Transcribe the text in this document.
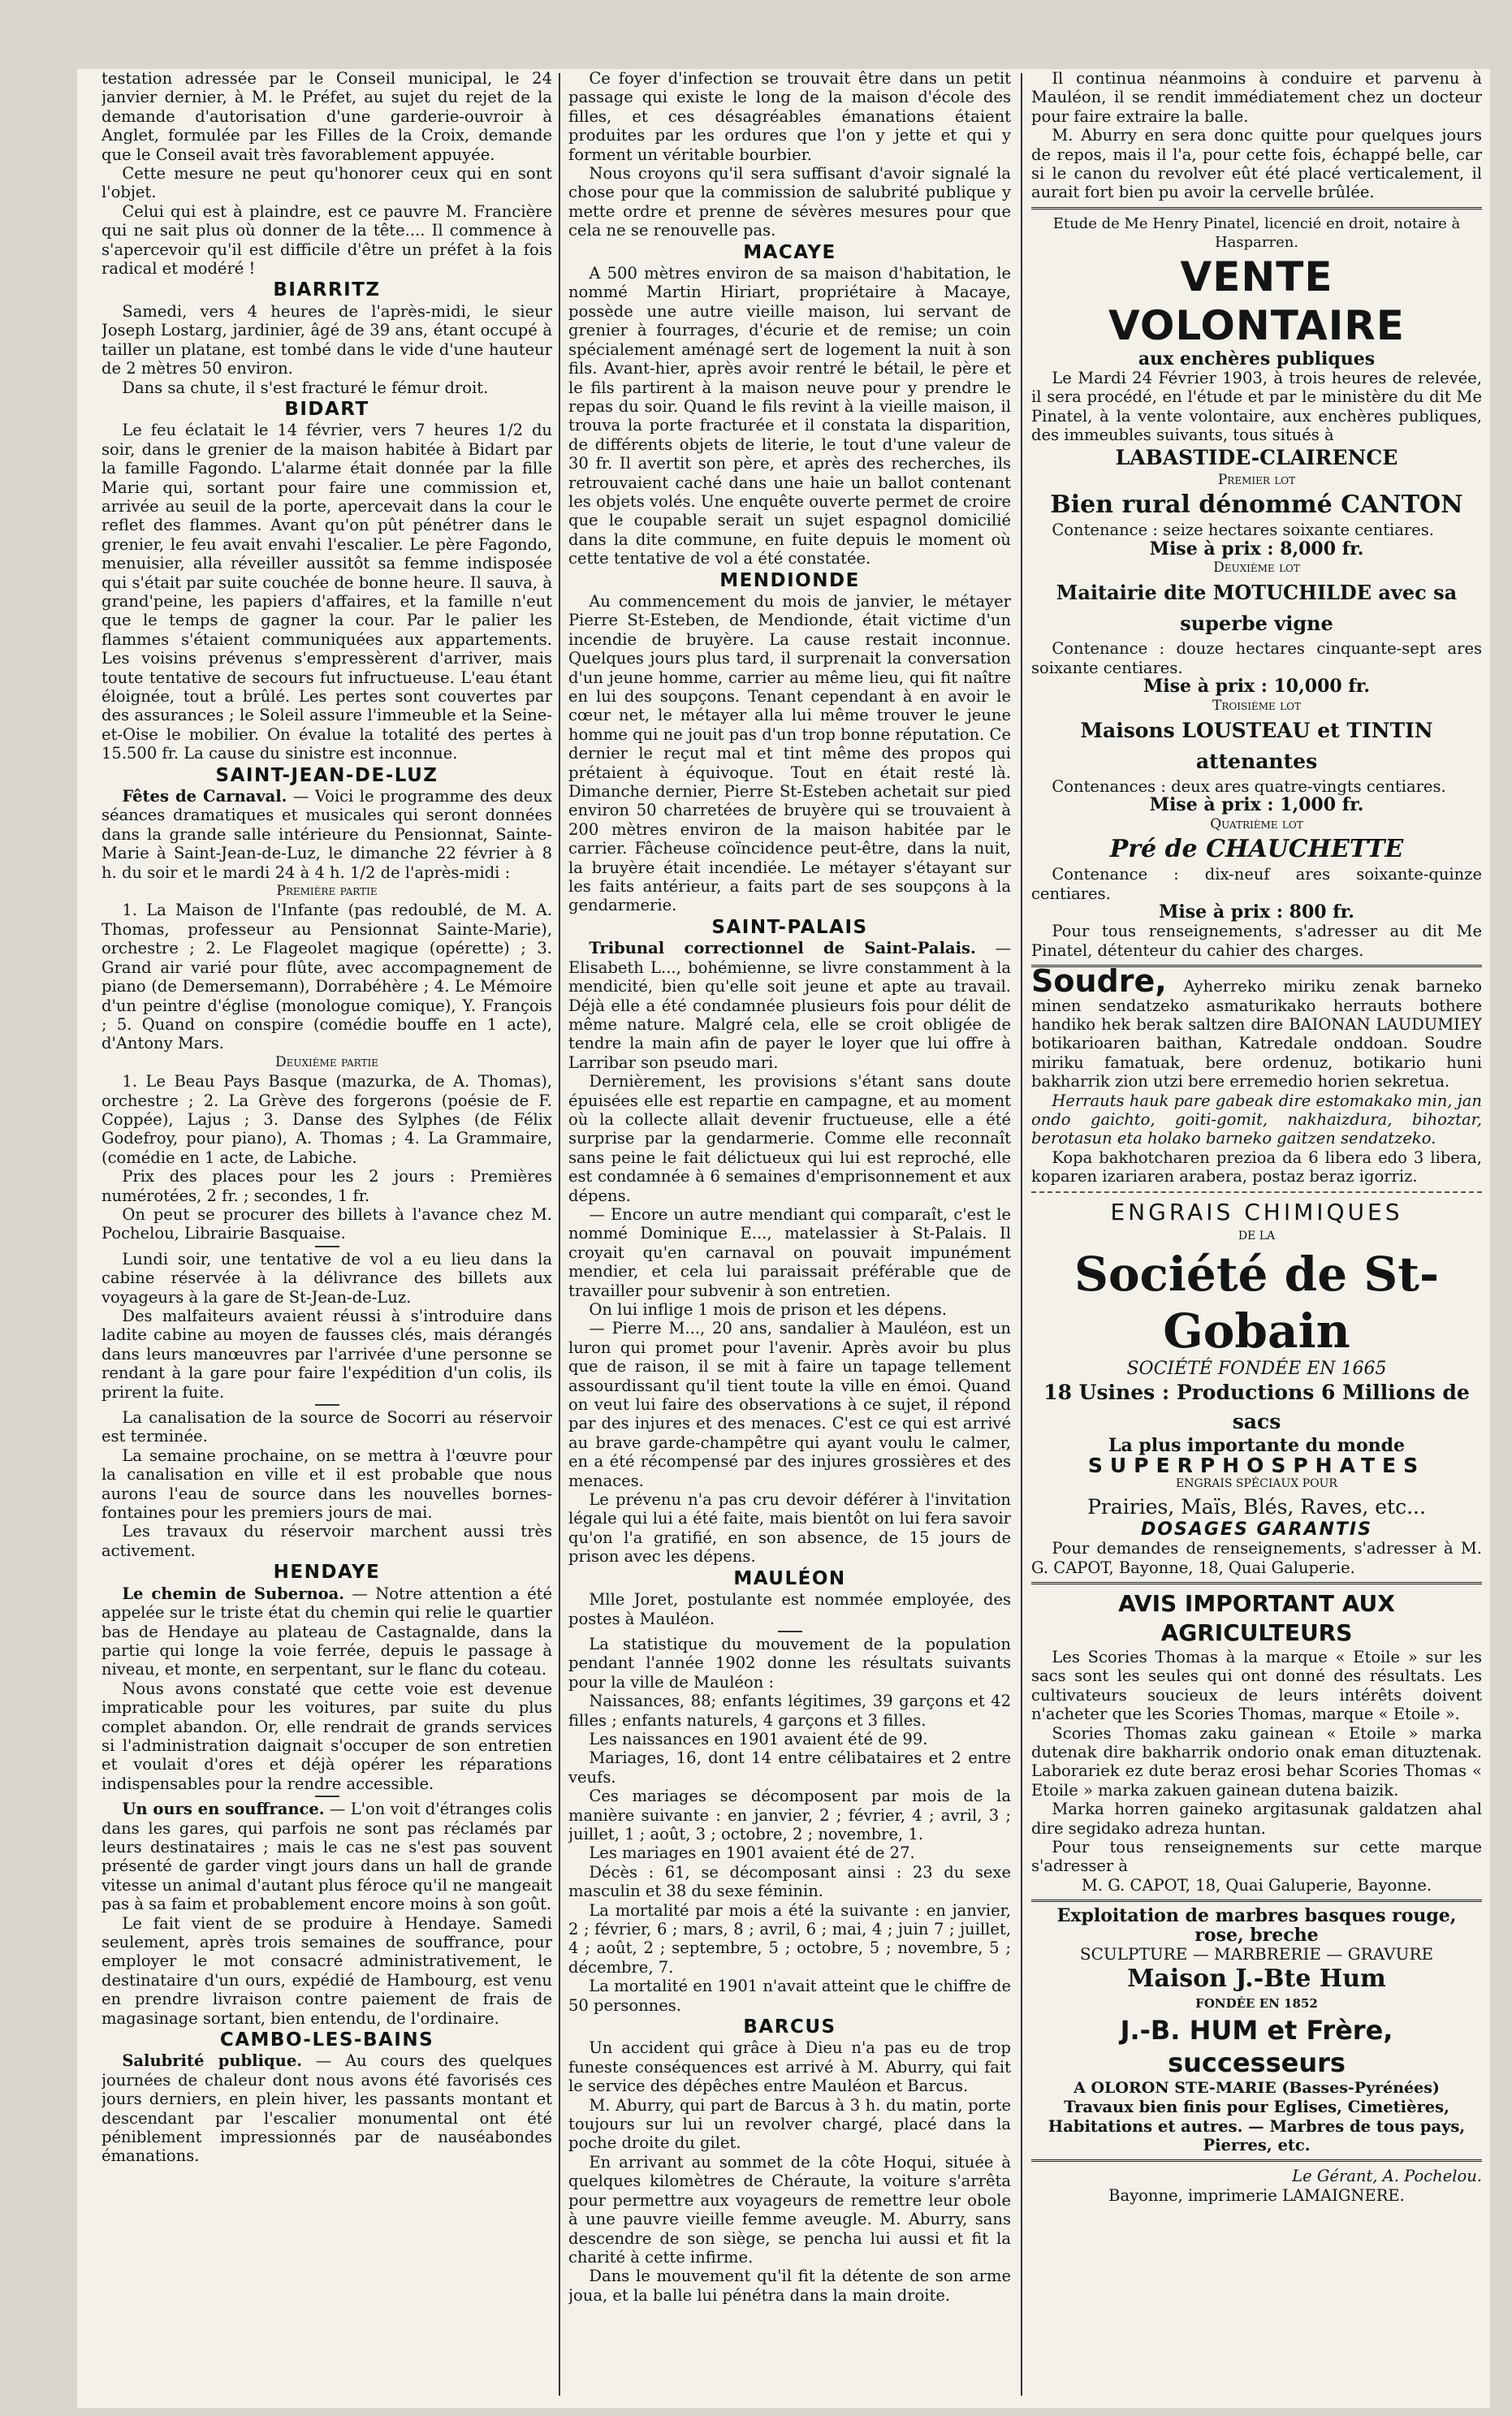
testation adressée par le Conseil municipal, le 24 janvier dernier, à M. le Préfet, au sujet du rejet de la demande d'autorisation d'une garderie-ouvroir à Anglet, formulée par les Filles de la Croix, demande que le Conseil avait très favorablement appuyée.

Cette mesure ne peut qu'honorer ceux qui en sont l'objet.

Celui qui est à plaindre, est ce pauvre M. Francière qui ne sait plus où donner de la tête.... Il commence à s'apercevoir qu'il est difficile d'être un préfet à la fois radical et modéré !

BIARRITZ

Samedi, vers 4 heures de l'après-midi, le sieur Joseph Lostarg, jardinier, âgé de 39 ans, étant occupé à tailler un platane, est tombé dans le vide d'une hauteur de 2 mètres 50 environ.

Dans sa chute, il s'est fracturé le fémur droit.

BIDART

Le feu éclatait le 14 février, vers 7 heures 1/2 du soir, dans le grenier de la maison habitée à Bidart par la famille Fagondo. L'alarme était donnée par la fille Marie qui, sortant pour faire une commission et, arrivée au seuil de la porte, apercevait dans la cour le reflet des flammes. Avant qu'on pût pénétrer dans le grenier, le feu avait envahi l'escalier. Le père Fagondo, menuisier, alla réveiller aussitôt sa femme indisposée qui s'était par suite couchée de bonne heure. Il sauva, à grand'peine, les papiers d'affaires, et la famille n'eut que le temps de gagner la cour. Par le palier les flammes s'étaient communiquées aux appartements. Les voisins prévenus s'empressèrent d'arriver, mais toute tentative de secours fut infructueuse. L'eau étant éloignée, tout a brûlé. Les pertes sont couvertes par des assurances ; le Soleil assure l'immeuble et la Seine-et-Oise le mobilier. On évalue la totalité des pertes à 15.500 fr. La cause du sinistre est inconnue.

SAINT-JEAN-DE-LUZ

Fêtes de Carnaval. — Voici le programme des deux séances dramatiques et musicales qui seront données dans la grande salle intérieure du Pensionnat, Sainte-Marie à Saint-Jean-de-Luz, le dimanche 22 février à 8 h. du soir et le mardi 24 à 4 h. 1/2 de l'après-midi :

Première partie

1. La Maison de l'Infante (pas redoublé, de M. A. Thomas, professeur au Pensionnat Sainte-Marie), orchestre ; 2. Le Flageolet magique (opérette) ; 3. Grand air varié pour flûte, avec accompagnement de piano (de Demersemann), Dorrabéhère ; 4. Le Mémoire d'un peintre d'église (monologue comique), Y. François ; 5. Quand on conspire (comédie bouffe en 1 acte), d'Antony Mars.

Deuxième partie

1. Le Beau Pays Basque (mazurka, de A. Thomas), orchestre ; 2. La Grève des forgerons (poésie de F. Coppée), Lajus ; 3. Danse des Sylphes (de Félix Godefroy, pour piano), A. Thomas ; 4. La Grammaire, (comédie en 1 acte, de Labiche.

Prix des places pour les 2 jours : Premières numérotées, 2 fr. ; secondes, 1 fr.

On peut se procurer des billets à l'avance chez M. Pochelou, Librairie Basquaise.

Lundi soir, une tentative de vol a eu lieu dans la cabine réservée à la délivrance des billets aux voyageurs à la gare de St-Jean-de-Luz.

Des malfaiteurs avaient réussi à s'introduire dans ladite cabine au moyen de fausses clés, mais dérangés dans leurs manœuvres par l'arrivée d'une personne se rendant à la gare pour faire l'expédition d'un colis, ils prirent la fuite.

La canalisation de la source de Socorri au réservoir est terminée.

La semaine prochaine, on se mettra à l'œuvre pour la canalisation en ville et il est probable que nous aurons l'eau de source dans les nouvelles bornes-fontaines pour les premiers jours de mai.

Les travaux du réservoir marchent aussi très activement.

HENDAYE

Le chemin de Subernoa. — Notre attention a été appelée sur le triste état du chemin qui relie le quartier bas de Hendaye au plateau de Castagnalde, dans la partie qui longe la voie ferrée, depuis le passage à niveau, et monte, en serpentant, sur le flanc du coteau.

Nous avons constaté que cette voie est devenue impraticable pour les voitures, par suite du plus complet abandon. Or, elle rendrait de grands services si l'administration daignait s'occuper de son entretien et voulait d'ores et déjà opérer les réparations indispensables pour la rendre accessible.

Un ours en souffrance. — L'on voit d'étranges colis dans les gares, qui parfois ne sont pas réclamés par leurs destinataires ; mais le cas ne s'est pas souvent présenté de garder vingt jours dans un hall de grande vitesse un animal d'autant plus féroce qu'il ne mangeait pas à sa faim et probablement encore moins à son goût.

Le fait vient de se produire à Hendaye. Samedi seulement, après trois semaines de souffrance, pour employer le mot consacré administrativement, le destinataire d'un ours, expédié de Hambourg, est venu en prendre livraison contre paiement de frais de magasinage sortant, bien entendu, de l'ordinaire.

CAMBO-LES-BAINS

Salubrité publique. — Au cours des quelques journées de chaleur dont nous avons été favorisés ces jours derniers, en plein hiver, les passants montant et descendant par l'escalier monumental ont été péniblement impressionnés par de nauséabondes émanations.

Ce foyer d'infection se trouvait être dans un petit passage qui existe le long de la maison d'école des filles, et ces désagréables émanations étaient produites par les ordures que l'on y jette et qui y forment un véritable bourbier.

Nous croyons qu'il sera suffisant d'avoir signalé la chose pour que la commission de salubrité publique y mette ordre et prenne de sévères mesures pour que cela ne se renouvelle pas.

MACAYE

A 500 mètres environ de sa maison d'habitation, le nommé Martin Hiriart, propriétaire à Macaye, possède une autre vieille maison, lui servant de grenier à fourrages, d'écurie et de remise; un coin spécialement aménagé sert de logement la nuit à son fils. Avant-hier, après avoir rentré le bétail, le père et le fils partirent à la maison neuve pour y prendre le repas du soir. Quand le fils revint à la vieille maison, il trouva la porte fracturée et il constata la disparition, de différents objets de literie, le tout d'une valeur de 30 fr. Il avertit son père, et après des recherches, ils retrouvaient caché dans une haie un ballot contenant les objets volés. Une enquête ouverte permet de croire que le coupable serait un sujet espagnol domicilié dans la dite commune, en fuite depuis le moment où cette tentative de vol a été constatée.

MENDIONDE

Au commencement du mois de janvier, le métayer Pierre St-Esteben, de Mendionde, était victime d'un incendie de bruyère. La cause restait inconnue. Quelques jours plus tard, il surprenait la conversation d'un jeune homme, carrier au même lieu, qui fit naître en lui des soupçons. Tenant cependant à en avoir le cœur net, le métayer alla lui même trouver le jeune homme qui ne jouit pas d'un trop bonne réputation. Ce dernier le reçut mal et tint même des propos qui prétaient à équivoque. Tout en était resté là. Dimanche dernier, Pierre St-Esteben achetait sur pied environ 50 charretées de bruyère qui se trouvaient à 200 mètres environ de la maison habitée par le carrier. Fâcheuse coïncidence peut-être, dans la nuit, la bruyère était incendiée. Le métayer s'étayant sur les faits antérieur, a faits part de ses soupçons à la gendarmerie.

SAINT-PALAIS

Tribunal correctionnel de Saint-Palais. — Elisabeth L..., bohémienne, se livre constamment à la mendicité, bien qu'elle soit jeune et apte au travail. Déjà elle a été condamnée plusieurs fois pour délit de même nature. Malgré cela, elle se croit obligée de tendre la main afin de payer le loyer que lui offre à Larribar son pseudo mari.

Dernièrement, les provisions s'étant sans doute épuisées elle est repartie en campagne, et au moment où la collecte allait devenir fructueuse, elle a été surprise par la gendarmerie. Comme elle reconnaît sans peine le fait délictueux qui lui est reproché, elle est condamnée à 6 semaines d'emprisonnement et aux dépens.

— Encore un autre mendiant qui comparaît, c'est le nommé Dominique E..., matelassier à St-Palais. Il croyait qu'en carnaval on pouvait impunément mendier, et cela lui paraissait préférable que de travailler pour subvenir à son entretien.

On lui inflige 1 mois de prison et les dépens.

— Pierre M..., 20 ans, sandalier à Mauléon, est un luron qui promet pour l'avenir. Après avoir bu plus que de raison, il se mit à faire un tapage tellement assourdissant qu'il tient toute la ville en émoi. Quand on veut lui faire des observations à ce sujet, il répond par des injures et des menaces. C'est ce qui est arrivé au brave garde-champêtre qui ayant voulu le calmer, en a été récompensé par des injures grossières et des menaces.

Le prévenu n'a pas cru devoir déférer à l'invitation légale qui lui a été faite, mais bientôt on lui fera savoir qu'on l'a gratifié, en son absence, de 15 jours de prison avec les dépens.

MAULÉON

Mlle Joret, postulante est nommée employée, des postes à Mauléon.

La statistique du mouvement de la population pendant l'année 1902 donne les résultats suivants pour la ville de Mauléon :

Naissances, 88; enfants légitimes, 39 garçons et 42 filles ; enfants naturels, 4 garçons et 3 filles.

Les naissances en 1901 avaient été de 99.

Mariages, 16, dont 14 entre célibataires et 2 entre veufs.

Ces mariages se décomposent par mois de la manière suivante : en janvier, 2 ; février, 4 ; avril, 3 ; juillet, 1 ; août, 3 ; octobre, 2 ; novembre, 1.

Les mariages en 1901 avaient été de 27.

Décès : 61, se décomposant ainsi : 23 du sexe masculin et 38 du sexe féminin.

La mortalité par mois a été la suivante : en janvier, 2 ; février, 6 ; mars, 8 ; avril, 6 ; mai, 4 ; juin 7 ; juillet, 4 ; août, 2 ; septembre, 5 ; octobre, 5 ; novembre, 5 ; décembre, 7.

La mortalité en 1901 n'avait atteint que le chiffre de 50 personnes.

BARCUS

Un accident qui grâce à Dieu n'a pas eu de trop funeste conséquences est arrivé à M. Aburry, qui fait le service des dépêches entre Mauléon et Barcus.

M. Aburry, qui part de Barcus à 3 h. du matin, porte toujours sur lui un revolver chargé, placé dans la poche droite du gilet.

En arrivant au sommet de la côte Hoqui, située à quelques kilomètres de Chéraute, la voiture s'arrêta pour permettre aux voyageurs de remettre leur obole à une pauvre vieille femme aveugle. M. Aburry, sans descendre de son siège, se pencha lui aussi et fit la charité à cette infirme.

Dans le mouvement qu'il fit la détente de son arme joua, et la balle lui pénétra dans la main droite.

Il continua néanmoins à conduire et parvenu à Mauléon, il se rendit immédiatement chez un docteur pour faire extraire la balle.

M. Aburry en sera donc quitte pour quelques jours de repos, mais il l'a, pour cette fois, échappé belle, car si le canon du revolver eût été placé verticalement, il aurait fort bien pu avoir la cervelle brûlée.

Etude de Me Henry Pinatel, licencié en droit, notaire à Hasparren.

VENTE VOLONTAIRE

aux enchères publiques

Le Mardi 24 Février 1903, à trois heures de relevée, il sera procédé, en l'étude et par le ministère du dit Me Pinatel, à la vente volontaire, aux enchères publiques, des immeubles suivants, tous situés à

LABASTIDE-CLAIRENCE

Premier lot

Bien rural dénommé CANTON

Contenance : seize hectares soixante centiares.

Mise à prix : 8,000 fr.

Deuxième lot

Maitairie dite MOTUCHILDE avec sa superbe vigne

Contenance : douze hectares cinquante-sept ares soixante centiares.

Mise à prix : 10,000 fr.

Troisième lot

Maisons LOUSTEAU et TINTIN attenantes

Contenances : deux ares quatre-vingts centiares.

Mise à prix : 1,000 fr.

Quatrième lot

Pré de CHAUCHETTE

Contenance : dix-neuf ares soixante-quinze centiares.

Mise à prix : 800 fr.

Pour tous renseignements, s'adresser au dit Me Pinatel, détenteur du cahier des charges.

Soudre, Ayherreko miriku zenak barneko minen sendatzeko asmaturikako herrauts bothere handiko hek berak saltzen dire BAIONAN LAUDUMIEY botikarioaren baithan, Katredale onddoan. Soudre miriku famatuak, bere ordenuz, botikario huni bakharrik zion utzi bere erremedio horien sekretua.

Herrauts hauk pare gabeak dire estomakako min, jan ondo gaichto, goiti-gomit, nakhaizdura, bihoztar, berotasun eta holako barneko gaitzen sendatzeko.

Kopa bakhotcharen prezioa da 6 libera edo 3 libera, koparen izariaren arabera, postaz beraz igorriz.

ENGRAIS CHIMIQUES

DE LA

Société de St-Gobain

SOCIÉTÉ FONDÉE EN 1665

18 Usines : Productions 6 Millions de sacs

La plus importante du monde

SUPERPHOSPHATES

ENGRAIS SPÉCIAUX POUR

Prairies, Maïs, Blés, Raves, etc...

DOSAGES GARANTIS

Pour demandes de renseignements, s'adresser à M. G. CAPOT, Bayonne, 18, Quai Galuperie.

AVIS IMPORTANT AUX AGRICULTEURS

Les Scories Thomas à la marque « Etoile » sur les sacs sont les seules qui ont donné des résultats. Les cultivateurs soucieux de leurs intérêts doivent n'acheter que les Scories Thomas, marque « Etoile ».

Scories Thomas zaku gainean « Etoile » marka dutenak dire bakharrik ondorio onak eman dituztenak. Laborariek ez dute beraz erosi behar Scories Thomas « Etoile » marka zakuen gainean dutena baizik.

Marka horren gaineko argitasunak galdatzen ahal dire segidako adreza huntan.

Pour tous renseignements sur cette marque s'adresser à

M. G. CAPOT, 18, Quai Galuperie, Bayonne.

Exploitation de marbres basques rouge, rose, breche

SCULPTURE — MARBRERIE — GRAVURE

Maison J.-Bte Hum

FONDÉE EN 1852

J.-B. HUM et Frère, successeurs

A OLORON STE-MARIE (Basses-Pyrénées)

Travaux bien finis pour Eglises, Cimetières, Habitations et autres. — Marbres de tous pays, Pierres, etc.

Le Gérant, A. Pochelou.

Bayonne, imprimerie LAMAIGNERE.
